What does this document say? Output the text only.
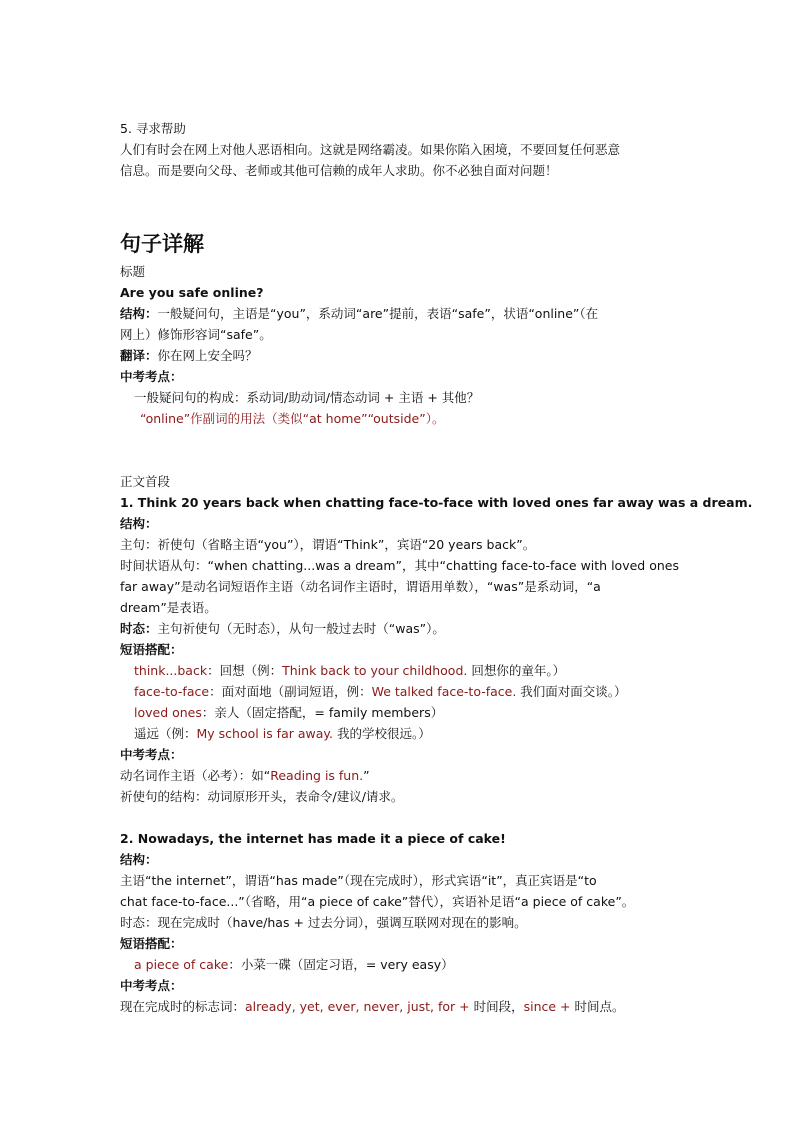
5. 寻求帮助
人们有时会在网上对他人恶语相向。这就是网络霸凌。如果你陷入困境，不要回复任何恶意
信息。而是要向父母、老师或其他可信赖的成年人求助。你不必独自面对问题！
句子详解
标题
Are you safe online?
结构：一般疑问句，主语是“you”，系动词“are”提前，表语“safe”，状语“online”（在
网上）修饰形容词“safe”。
翻译：你在网上安全吗？
中考考点：
一般疑问句的构成：系动词/助动词/情态动词 + 主语 + 其他？
“online”作副词的用法（类似“at home”“outside”）。
正文首段
1. Think 20 years back when chatting face-to-face with loved ones far away was a dream.
结构：
主句：祈使句（省略主语“you”），谓语“Think”，宾语“20 years back”。
时间状语从句：“when chatting...was a dream”，其中“chatting face-to-face with loved ones
far away”是动名词短语作主语（动名词作主语时，谓语用单数），“was”是系动词，“a
dream”是表语。
时态：主句祈使句（无时态），从句一般过去时（“was”）。
短语搭配：
think...back：回想（例：Think back to your childhood. 回想你的童年。）
face-to-face：面对面地（副词短语，例：We talked face-to-face. 我们面对面交谈。）
loved ones：亲人（固定搭配，= family members）
遥远（例：My school is far away. 我的学校很远。）
中考考点：
动名词作主语（必考）：如“Reading is fun.”
祈使句的结构：动词原形开头，表命令/建议/请求。
2. Nowadays, the internet has made it a piece of cake!
结构：
主语“the internet”，谓语“has made”（现在完成时），形式宾语“it”，真正宾语是“to
chat face-to-face...”（省略，用“a piece of cake”替代），宾语补足语“a piece of cake”。
时态：现在完成时（have/has + 过去分词），强调互联网对现在的影响。
短语搭配：
a piece of cake：小菜一碟（固定习语，= very easy）
中考考点：
现在完成时的标志词：already, yet, ever, never, just, for + 时间段，since + 时间点。
